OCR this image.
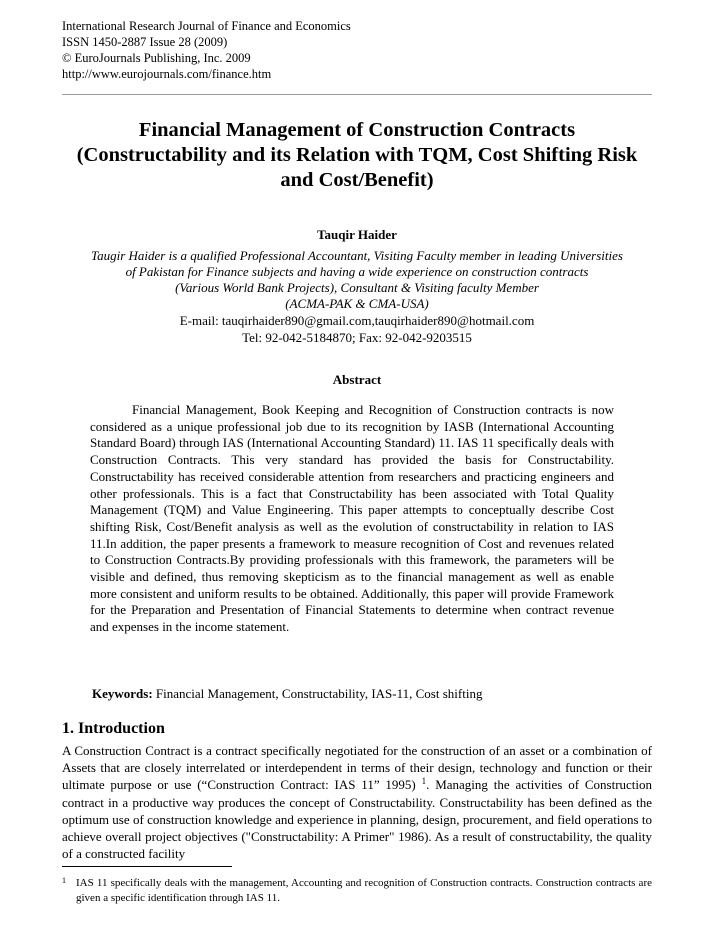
International Research Journal of Finance and Economics
ISSN 1450-2887 Issue 28 (2009)
© EuroJournals Publishing, Inc. 2009
http://www.eurojournals.com/finance.htm
Financial Management of Construction Contracts
(Constructability and its Relation with TQM, Cost Shifting Risk
and Cost/Benefit)
Tauqir Haider
Taugir Haider is a qualified Professional Accountant, Visiting Faculty member in leading Universities
of Pakistan for Finance subjects and having a wide experience on construction contracts
(Various World Bank Projects), Consultant & Visiting faculty Member
(ACMA-PAK & CMA-USA)
E-mail: tauqirhaider890@gmail.com,tauqirhaider890@hotmail.com
Tel: 92-042-5184870; Fax: 92-042-9203515
Abstract

Financial Management, Book Keeping and Recognition of Construction contracts is now considered as a unique professional job due to its recognition by IASB (International Accounting Standard Board) through IAS (International Accounting Standard) 11. IAS 11 specifically deals with Construction Contracts. This very standard has provided the basis for Constructability. Constructability has received considerable attention from researchers and practicing engineers and other professionals. This is a fact that Constructability has been associated with Total Quality Management (TQM) and Value Engineering. This paper attempts to conceptually describe Cost shifting Risk, Cost/Benefit analysis as well as the evolution of constructability in relation to IAS 11.In addition, the paper presents a framework to measure recognition of Cost and revenues related to Construction Contracts.By providing professionals with this framework, the parameters will be visible and defined, thus removing skepticism as to the financial management as well as enable more consistent and uniform results to be obtained. Additionally, this paper will provide Framework for the Preparation and Presentation of Financial Statements to determine when contract revenue and expenses in the income statement.

Keywords: Financial Management, Constructability, IAS-11, Cost shifting
1. Introduction

A Construction Contract is a contract specifically negotiated for the construction of an asset or a combination of Assets that are closely interrelated or interdependent in terms of their design, technology and function or their ultimate purpose or use (“Construction Contract: IAS 11” 1995) $^1$. Managing the activities of Construction contract in a productive way produces the concept of Constructability. Constructability has been defined as the optimum use of construction knowledge and experience in planning, design, procurement, and field operations to achieve overall project objectives ("Constructability: A Primer" 1986). As a result of constructability, the quality of a constructed facility

1 IAS 11 specifically deals with the management, Accounting and recognition of Construction contracts. Construction contracts are given a specific identification through IAS 11.
